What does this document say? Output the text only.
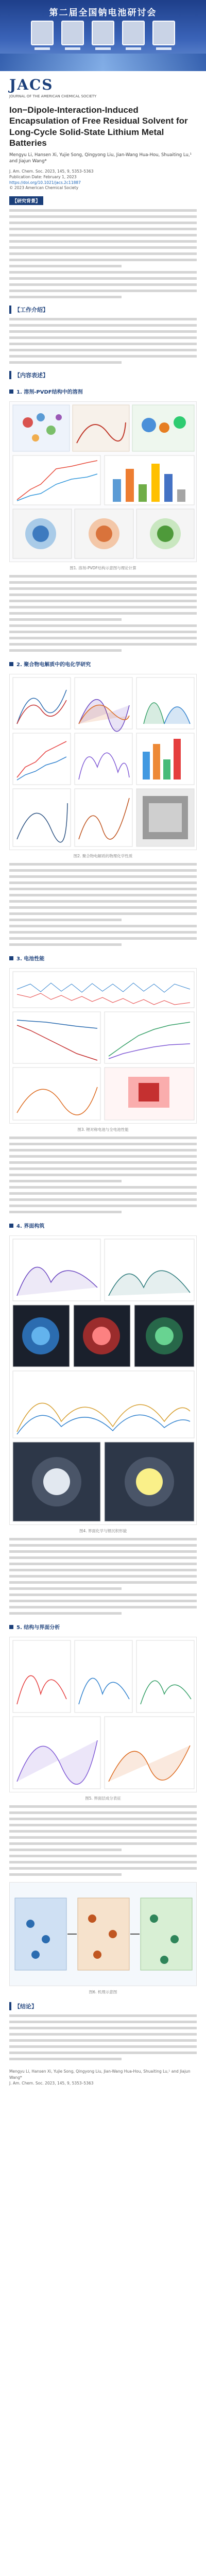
第二届全国钠电池研讨会
JACS
JOURNAL OF THE AMERICAN CHEMICAL SOCIETY
Ion−Dipole-Interaction-Induced Encapsulation of Free Residual Solvent for Long-Cycle Solid-State Lithium Metal Batteries
Mengyu Li, Hansen Xi, Yujie Song, Qingyong Liu, Jian-Wang Hua-Hou, Shuaiting Lu,¹ and Jiajun Wang*
J. Am. Chem. Soc. 2023, 145, 9, 5353–5363
Publication Date: February 1, 2023
https://doi.org/10.1021/jacs.2c11887
© 2023 American Chemical Society
【研究背景】
【工作介绍】
【内容表述】
1. 溶剂-PVDF结构中的溶剂
图1. 溶剂-PVDF结构示意图与理论计算
2. 聚合物电解质中的电化学研究
图2. 聚合物电解质的物理化学性质
3. 电池性能
图3. 锂对称电池与全电池性能
4. 界面构筑
图4. 界面化学与锂沉积形貌
5. 结构与界面分析
图5. 界面层成分表征
图6. 机理示意图
【结论】
Mengyu Li, Hansen Xi, Yujie Song, Qingyong Liu, Jian-Wang Hua-Hou, Shuaiting Lu,¹ and Jiajun Wang*
J. Am. Chem. Soc. 2023, 145, 9, 5353–5363
